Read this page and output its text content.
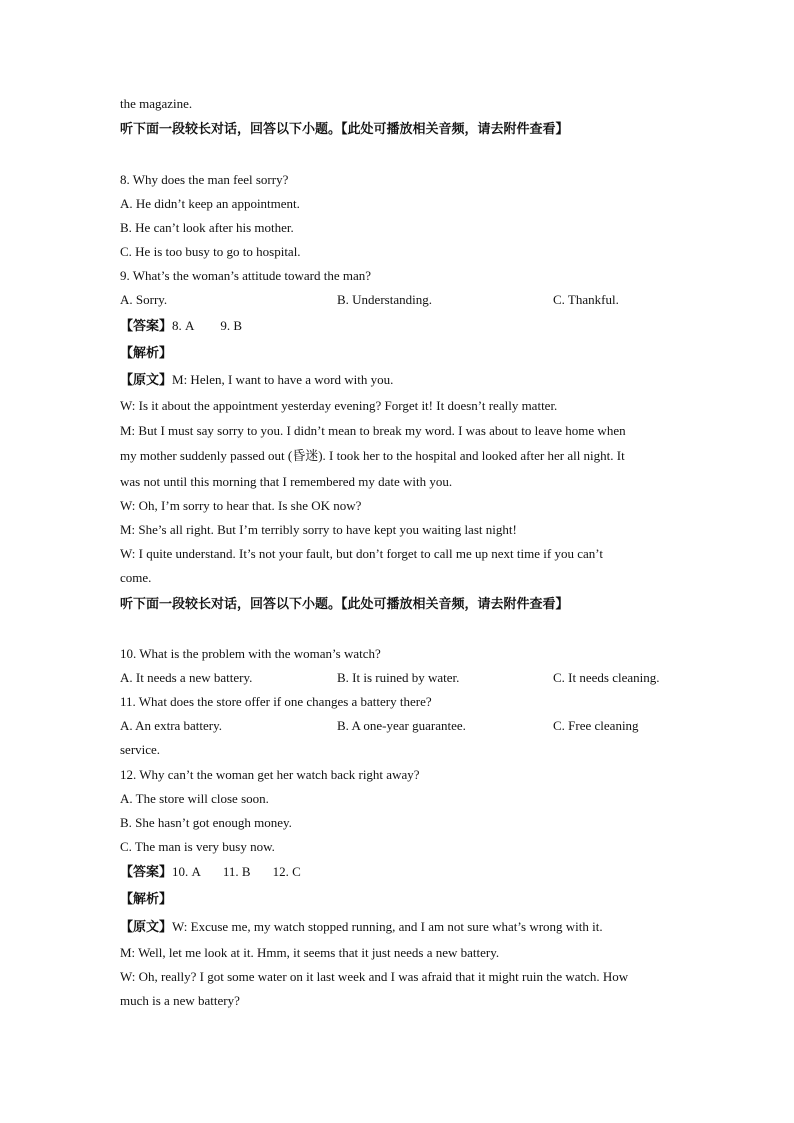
the magazine.
听下面一段较长对话，回答以下小题。【此处可播放相关音频，请去附件查看】
8. Why does the man feel sorry?
A. He didn’t keep an appointment.
B. He can’t look after his mother.
C. He is too busy to go to hospital.
9. What’s the woman’s attitude toward the man?
A. Sorry.	B. Understanding.	C. Thankful.
【答案】8. A 9. B
【解析】
【原文】M: Helen, I want to have a word with you.
W: Is it about the appointment yesterday evening? Forget it! It doesn’t really matter.
M: But I must say sorry to you. I didn’t mean to break my word. I was about to leave home when
my mother suddenly passed out (昏迷). I took her to the hospital and looked after her all night. It
was not until this morning that I remembered my date with you.
W: Oh, I’m sorry to hear that. Is she OK now?
M: She’s all right. But I’m terribly sorry to have kept you waiting last night!
W: I quite understand. It’s not your fault, but don’t forget to call me up next time if you can’t
come.
听下面一段较长对话，回答以下小题。【此处可播放相关音频，请去附件查看】
10. What is the problem with the woman’s watch?
A. It needs a new battery.	B. It is ruined by water.	C. It needs cleaning.
11. What does the store offer if one changes a battery there?
A. An extra battery.	B. A one-year guarantee.	C. Free cleaning
service.
12. Why can’t the woman get her watch back right away?
A. The store will close soon.
B. She hasn’t got enough money.
C. The man is very busy now.
【答案】10. A 11. B 12. C
【解析】
【原文】W: Excuse me, my watch stopped running, and I am not sure what’s wrong with it.
M: Well, let me look at it. Hmm, it seems that it just needs a new battery.
W: Oh, really? I got some water on it last week and I was afraid that it might ruin the watch. How
much is a new battery?
